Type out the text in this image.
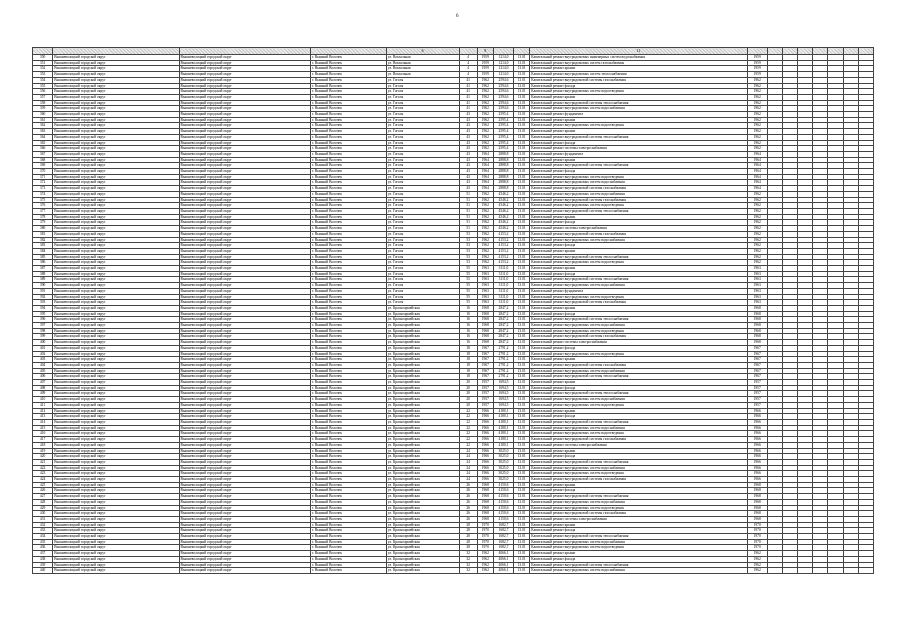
6
				6		8			11								
350	Вышневолоцкий городской округ	Вышневолоцкий городской округ	г. Вышний Волочек	ул. Вокзальная	4	1959	1214,0	13.01	Капитальный ремонт внутридомовых инженерных систем водоснабжения	1959							
351	Вышневолоцкий городской округ	Вышневолоцкий городской округ	г. Вышний Волочек	ул. Вокзальная	4	1959	1214,0	13.01	Капитальный ремонт внутридомовых систем газоснабжения	1959							
352	Вышневолоцкий городской округ	Вышневолоцкий городской округ	г. Вышний Волочек	ул. Вокзальная	4	1959	1214,0	13.01	Капитальный ремонт крыши	1959							
353	Вышневолоцкий городской округ	Вышневолоцкий городской округ	г. Вышний Волочек	ул. Вокзальная	4	1959	1214,0	13.01	Капитальный ремонт внутридомовых систем теплоснабжения	1959							
354	Вышневолоцкий городской округ	Вышневолоцкий городской округ	г. Вышний Волочек	ул. Гоголя	41	1962	2594,6	13.01	Капитальный ремонт внутридомовой системы газоснабжения	1962							
355	Вышневолоцкий городской округ	Вышневолоцкий городской округ	г. Вышний Волочек	ул. Гоголя	41	1962	2594,6	13.01	Капитальный ремонт фасада	1962							
356	Вышневолоцкий городской округ	Вышневолоцкий городской округ	г. Вышний Волочек	ул. Гоголя	41	1962	2594,6	13.01	Капитальный ремонт внутридомовых систем водоотведения	1962							
357	Вышневолоцкий городской округ	Вышневолоцкий городской округ	г. Вышний Волочек	ул. Гоголя	41	1962	2594,6	13.01	Капитальный ремонт крыши	1962							
358	Вышневолоцкий городской округ	Вышневолоцкий городской округ	г. Вышний Волочек	ул. Гоголя	41	1962	2594,6	13.01	Капитальный ремонт внутридомовой системы теплоснабжения	1962							
359	Вышневолоцкий городской округ	Вышневолоцкий городской округ	г. Вышний Волочек	ул. Гоголя	41	1962	2594,6	13.01	Капитальный ремонт внутридомовых систем водоснабжения	1962							
360	Вышневолоцкий городской округ	Вышневолоцкий городской округ	г. Вышний Волочек	ул. Гоголя	43	1962	2595,4	13.01	Капитальный ремонт фундамента	1962							
361	Вышневолоцкий городской округ	Вышневолоцкий городской округ	г. Вышний Волочек	ул. Гоголя	43	1962	2595,4	13.01	Капитальный ремонт крыши	1962							
362	Вышневолоцкий городской округ	Вышневолоцкий городской округ	г. Вышний Волочек	ул. Гоголя	43	1962	2595,4	13.01	Капитальный ремонт внутридомовых систем водоотведения	1962							
363	Вышневолоцкий городской округ	Вышневолоцкий городской округ	г. Вышний Волочек	ул. Гоголя	43	1962	2595,4	13.01	Капитальный ремонт крыши	1962							
364	Вышневолоцкий городской округ	Вышневолоцкий городской округ	г. Вышний Волочек	ул. Гоголя	43	1962	2595,4	13.01	Капитальный ремонт внутридомовой системы теплоснабжения	1962							
365	Вышневолоцкий городской округ	Вышневолоцкий городской округ	г. Вышний Волочек	ул. Гоголя	43	1962	2595,4	13.01	Капитальный ремонт фасада	1962							
366	Вышневолоцкий городской округ	Вышневолоцкий городской округ	г. Вышний Волочек	ул. Гоголя	43	1962	2595,4	13.01	Капитальный ремонт системы электроснабжения	1962							
367	Вышневолоцкий городской округ	Вышневолоцкий городской округ	г. Вышний Волочек	ул. Гоголя	43	1964	2888,8	13.01	Капитальный ремонт фундамента	1964							
368	Вышневолоцкий городской округ	Вышневолоцкий городской округ	г. Вышний Волочек	ул. Гоголя	43	1964	2888,8	13.01	Капитальный ремонт крыши	1964							
369	Вышневолоцкий городской округ	Вышневолоцкий городской округ	г. Вышний Волочек	ул. Гоголя	43	1964	2888,8	13.01	Капитальный ремонт внутридомовой системы теплоснабжения	1964							
370	Вышневолоцкий городской округ	Вышневолоцкий городской округ	г. Вышний Волочек	ул. Гоголя	43	1964	2888,8	13.01	Капитальный ремонт фасада	1964							
371	Вышневолоцкий городской округ	Вышневолоцкий городской округ	г. Вышний Волочек	ул. Гоголя	43	1964	2888,8	13.01	Капитальный ремонт внутридомовых систем водоотведения	1964							
372	Вышневолоцкий городской округ	Вышневолоцкий городской округ	г. Вышний Волочек	ул. Гоголя	43	1964	2888,8	13.01	Капитальный ремонт внутридомовых систем водоснабжения	1964							
373	Вышневолоцкий городской округ	Вышневолоцкий городской округ	г. Вышний Волочек	ул. Гоголя	43	1964	2888,8	13.01	Капитальный ремонт внутридомовой системы газоснабжения	1964							
374	Вышневолоцкий городской округ	Вышневолоцкий городской округ	г. Вышний Волочек	ул. Гоголя	51	1962	4546,2	13.01	Капитальный ремонт внутридомовых систем водоснабжения	1962							
375	Вышневолоцкий городской округ	Вышневолоцкий городской округ	г. Вышний Волочек	ул. Гоголя	51	1962	4546,2	13.01	Капитальный ремонт внутридомовой системы газоснабжения	1962							
376	Вышневолоцкий городской округ	Вышневолоцкий городской округ	г. Вышний Волочек	ул. Гоголя	51	1962	4546,2	13.01	Капитальный ремонт внутридомовых систем водоотведения	1962							
377	Вышневолоцкий городской округ	Вышневолоцкий городской округ	г. Вышний Волочек	ул. Гоголя	51	1962	4546,2	13.01	Капитальный ремонт внутридомовой системы теплоснабжения	1962							
378	Вышневолоцкий городской округ	Вышневолоцкий городской округ	г. Вышний Волочек	ул. Гоголя	51	1962	4546,2	13.01	Капитальный ремонт крыши	1962							
379	Вышневолоцкий городской округ	Вышневолоцкий городской округ	г. Вышний Волочек	ул. Гоголя	51	1962	4546,2	13.01	Капитальный ремонт фасада	1962							
380	Вышневолоцкий городской округ	Вышневолоцкий городской округ	г. Вышний Волочек	ул. Гоголя	51	1962	4546,2	13.01	Капитальный ремонт системы электроснабжения	1962							
381	Вышневолоцкий городской округ	Вышневолоцкий городской округ	г. Вышний Волочек	ул. Гоголя	53	1962	4153,2	13.01	Капитальный ремонт внутридомовой системы газоснабжения	1962							
382	Вышневолоцкий городской округ	Вышневолоцкий городской округ	г. Вышний Волочек	ул. Гоголя	53	1962	4153,2	13.01	Капитальный ремонт внутридомовых систем водоснабжения	1962							
383	Вышневолоцкий городской округ	Вышневолоцкий городской округ	г. Вышний Волочек	ул. Гоголя	53	1962	4153,2	13.01	Капитальный ремонт фасада	1962							
384	Вышневолоцкий городской округ	Вышневолоцкий городской округ	г. Вышний Волочек	ул. Гоголя	53	1962	4153,2	13.01	Капитальный ремонт крыши	1962							
385	Вышневолоцкий городской округ	Вышневолоцкий городской округ	г. Вышний Волочек	ул. Гоголя	53	1962	4153,2	13.01	Капитальный ремонт внутридомовой системы теплоснабжения	1962							
386	Вышневолоцкий городской округ	Вышневолоцкий городской округ	г. Вышний Волочек	ул. Гоголя	53	1962	4153,2	13.01	Капитальный ремонт внутридомовых систем водоотведения	1962							
387	Вышневолоцкий городской округ	Вышневолоцкий городской округ	г. Вышний Волочек	ул. Гоголя	55	1963	3111,0	13.01	Капитальный ремонт крыши	1963							
388	Вышневолоцкий городской округ	Вышневолоцкий городской округ	г. Вышний Волочек	ул. Гоголя	55	1963	3111,0	13.01	Капитальный ремонт фасада	1963							
389	Вышневолоцкий городской округ	Вышневолоцкий городской округ	г. Вышний Волочек	ул. Гоголя	55	1963	3111,0	13.01	Капитальный ремонт внутридомовой системы теплоснабжения	1963							
390	Вышневолоцкий городской округ	Вышневолоцкий городской округ	г. Вышний Волочек	ул. Гоголя	55	1963	3111,0	13.01	Капитальный ремонт внутридомовых систем водоснабжения	1963							
391	Вышневолоцкий городской округ	Вышневолоцкий городской округ	г. Вышний Волочек	ул. Гоголя	55	1963	3111,0	13.01	Капитальный ремонт фундамента	1963							
392	Вышневолоцкий городской округ	Вышневолоцкий городской округ	г. Вышний Волочек	ул. Гоголя	55	1963	3111,0	13.01	Капитальный ремонт внутридомовых систем водоотведения	1963							
393	Вышневолоцкий городской округ	Вышневолоцкий городской округ	г. Вышний Волочек	ул. Гоголя	55	1963	3111,0	13.01	Капитальный ремонт внутридомовой системы газоснабжения	1963							
394	Вышневолоцкий городской округ	Вышневолоцкий городской округ	г. Вышний Волочек	ул. Красноармейская	16	1968	2847,2	13.01	Капитальный ремонт крыши	1968							
395	Вышневолоцкий городской округ	Вышневолоцкий городской округ	г. Вышний Волочек	ул. Красноармейская	16	1968	2847,2	13.01	Капитальный ремонт фасада	1968							
396	Вышневолоцкий городской округ	Вышневолоцкий городской округ	г. Вышний Волочек	ул. Красноармейская	16	1968	2847,2	13.01	Капитальный ремонт внутридомовой системы теплоснабжения	1968							
397	Вышневолоцкий городской округ	Вышневолоцкий городской округ	г. Вышний Волочек	ул. Красноармейская	16	1968	2847,2	13.01	Капитальный ремонт внутридомовых систем водоснабжения	1968							
398	Вышневолоцкий городской округ	Вышневолоцкий городской округ	г. Вышний Волочек	ул. Красноармейская	16	1968	2847,2	13.01	Капитальный ремонт внутридомовых систем водоотведения	1968							
399	Вышневолоцкий городской округ	Вышневолоцкий городской округ	г. Вышний Волочек	ул. Красноармейская	16	1968	2847,2	13.01	Капитальный ремонт внутридомовой системы газоснабжения	1968							
400	Вышневолоцкий городской округ	Вышневолоцкий городской округ	г. Вышний Волочек	ул. Красноармейская	16	1968	2847,2	13.01	Капитальный ремонт системы электроснабжения	1968							
401	Вышневолоцкий городской округ	Вышневолоцкий городской округ	г. Вышний Волочек	ул. Красноармейская	18	1967	2791,2	13.01	Капитальный ремонт фасада	1967							
402	Вышневолоцкий городской округ	Вышневолоцкий городской округ	г. Вышний Волочек	ул. Красноармейская	18	1967	2791,2	13.01	Капитальный ремонт внутридомовых систем водоотведения	1967							
403	Вышневолоцкий городской округ	Вышневолоцкий городской округ	г. Вышний Волочек	ул. Красноармейская	18	1967	2791,2	13.01	Капитальный ремонт крыши	1967							
404	Вышневолоцкий городской округ	Вышневолоцкий городской округ	г. Вышний Волочек	ул. Красноармейская	18	1967	2791,2	13.01	Капитальный ремонт внутридомовой системы газоснабжения	1967							
405	Вышневолоцкий городской округ	Вышневолоцкий городской округ	г. Вышний Волочек	ул. Красноармейская	18	1967	2791,2	13.01	Капитальный ремонт внутридомовых систем водоснабжения	1967							
406	Вышневолоцкий городской округ	Вышневолоцкий городской округ	г. Вышний Волочек	ул. Красноармейская	18	1967	2791,2	13.01	Капитальный ремонт внутридомовой системы теплоснабжения	1967							
407	Вышневолоцкий городской округ	Вышневолоцкий городской округ	г. Вышний Волочек	ул. Красноармейская	20	1957	1694,5	13.01	Капитальный ремонт крыши	1957							
408	Вышневолоцкий городской округ	Вышневолоцкий городской округ	г. Вышний Волочек	ул. Красноармейская	20	1957	1694,5	13.01	Капитальный ремонт фасада	1957							
409	Вышневолоцкий городской округ	Вышневолоцкий городской округ	г. Вышний Волочек	ул. Красноармейская	20	1957	1694,5	13.01	Капитальный ремонт внутридомовой системы теплоснабжения	1957							
410	Вышневолоцкий городской округ	Вышневолоцкий городской округ	г. Вышний Волочек	ул. Красноармейская	20	1957	1694,5	13.01	Капитальный ремонт внутридомовых систем водоснабжения	1957							
411	Вышневолоцкий городской округ	Вышневолоцкий городской округ	г. Вышний Волочек	ул. Красноармейская	20	1957	1694,5	13.01	Капитальный ремонт внутридомовых систем водоотведения	1957							
412	Вышневолоцкий городской округ	Вышневолоцкий городской округ	г. Вышний Волочек	ул. Красноармейская	22	1966	4180,1	13.01	Капитальный ремонт крыши	1966							
413	Вышневолоцкий городской округ	Вышневолоцкий городской округ	г. Вышний Волочек	ул. Красноармейская	22	1966	4180,1	13.01	Капитальный ремонт фасада	1966							
414	Вышневолоцкий городской округ	Вышневолоцкий городской округ	г. Вышний Волочек	ул. Красноармейская	22	1966	4180,1	13.01	Капитальный ремонт внутридомовой системы теплоснабжения	1966							
415	Вышневолоцкий городской округ	Вышневолоцкий городской округ	г. Вышний Волочек	ул. Красноармейская	22	1966	4180,1	13.01	Капитальный ремонт внутридомовых систем водоснабжения	1966							
416	Вышневолоцкий городской округ	Вышневолоцкий городской округ	г. Вышний Волочек	ул. Красноармейская	22	1966	4180,1	13.01	Капитальный ремонт внутридомовых систем водоотведения	1966							
417	Вышневолоцкий городской округ	Вышневолоцкий городской округ	г. Вышний Волочек	ул. Красноармейская	22	1966	4180,1	13.01	Капитальный ремонт внутридомовой системы газоснабжения	1966							
418	Вышневолоцкий городской округ	Вышневолоцкий городской округ	г. Вышний Волочек	ул. Красноармейская	22	1966	4180,1	13.01	Капитальный ремонт системы электроснабжения	1966							
419	Вышневолоцкий городской округ	Вышневолоцкий городской округ	г. Вышний Волочек	ул. Красноармейская	24	1966	3025,0	13.01	Капитальный ремонт крыши	1966							
420	Вышневолоцкий городской округ	Вышневолоцкий городской округ	г. Вышний Волочек	ул. Красноармейская	24	1966	3025,0	13.01	Капитальный ремонт фасада	1966							
421	Вышневолоцкий городской округ	Вышневолоцкий городской округ	г. Вышний Волочек	ул. Красноармейская	24	1966	3025,0	13.01	Капитальный ремонт внутридомовой системы теплоснабжения	1966							
422	Вышневолоцкий городской округ	Вышневолоцкий городской округ	г. Вышний Волочек	ул. Красноармейская	24	1966	3025,0	13.01	Капитальный ремонт внутридомовых систем водоснабжения	1966							
423	Вышневолоцкий городской округ	Вышневолоцкий городской округ	г. Вышний Волочек	ул. Красноармейская	24	1966	3025,0	13.01	Капитальный ремонт внутридомовых систем водоотведения	1966							
424	Вышневолоцкий городской округ	Вышневолоцкий городской округ	г. Вышний Волочек	ул. Красноармейская	24	1966	3025,0	13.01	Капитальный ремонт внутридомовой системы газоснабжения	1966							
425	Вышневолоцкий городской округ	Вышневолоцкий городской округ	г. Вышний Волочек	ул. Красноармейская	26	1968	4150,6	13.01	Капитальный ремонт крыши	1968							
426	Вышневолоцкий городской округ	Вышневолоцкий городской округ	г. Вышний Волочек	ул. Красноармейская	26	1968	4150,6	13.01	Капитальный ремонт фасада	1968							
427	Вышневолоцкий городской округ	Вышневолоцкий городской округ	г. Вышний Волочек	ул. Красноармейская	26	1968	4150,6	13.01	Капитальный ремонт внутридомовой системы теплоснабжения	1968							
428	Вышневолоцкий городской округ	Вышневолоцкий городской округ	г. Вышний Волочек	ул. Красноармейская	26	1968	4150,6	13.01	Капитальный ремонт внутридомовых систем водоснабжения	1968							
429	Вышневолоцкий городской округ	Вышневолоцкий городской округ	г. Вышний Волочек	ул. Красноармейская	26	1968	4150,6	13.01	Капитальный ремонт внутридомовых систем водоотведения	1968							
430	Вышневолоцкий городской округ	Вышневолоцкий городской округ	г. Вышний Волочек	ул. Красноармейская	26	1968	4150,6	13.01	Капитальный ремонт внутридомовой системы газоснабжения	1968							
431	Вышневолоцкий городской округ	Вышневолоцкий городской округ	г. Вышний Волочек	ул. Красноармейская	26	1968	4150,6	13.01	Капитальный ремонт системы электроснабжения	1968							
432	Вышневолоцкий городской округ	Вышневолоцкий городской округ	г. Вышний Волочек	ул. Красноармейская	28	1970	1682,7	13.01	Капитальный ремонт крыши	1970							
433	Вышневолоцкий городской округ	Вышневолоцкий городской округ	г. Вышний Волочек	ул. Красноармейская	28	1970	1682,7	13.01	Капитальный ремонт фасада	1970							
434	Вышневолоцкий городской округ	Вышневолоцкий городской округ	г. Вышний Волочек	ул. Красноармейская	28	1970	1682,7	13.01	Капитальный ремонт внутридомовой системы теплоснабжения	1970							
435	Вышневолоцкий городской округ	Вышневолоцкий городской округ	г. Вышний Волочек	ул. Красноармейская	28	1970	1682,7	13.01	Капитальный ремонт внутридомовых систем водоснабжения	1970							
436	Вышневолоцкий городской округ	Вышневолоцкий городской округ	г. Вышний Волочек	ул. Красноармейская	28	1970	1682,7	13.01	Капитальный ремонт внутридомовых систем водоотведения	1970							
437	Вышневолоцкий городской округ	Вышневолоцкий городской округ	г. Вышний Волочек	ул. Красноармейская	32	1962	4066,1	13.01	Капитальный ремонт крыши	1962							
438	Вышневолоцкий городской округ	Вышневолоцкий городской округ	г. Вышний Волочек	ул. Красноармейская	32	1962	4066,1	13.01	Капитальный ремонт фасада	1962							
439	Вышневолоцкий городской округ	Вышневолоцкий городской округ	г. Вышний Волочек	ул. Красноармейская	32	1962	4066,1	13.01	Капитальный ремонт внутридомовой системы теплоснабжения	1962							
440	Вышневолоцкий городской округ	Вышневолоцкий городской округ	г. Вышний Волочек	ул. Красноармейская	32	1962	4066,1	13.01	Капитальный ремонт внутридомовых систем водоснабжения	1962							
